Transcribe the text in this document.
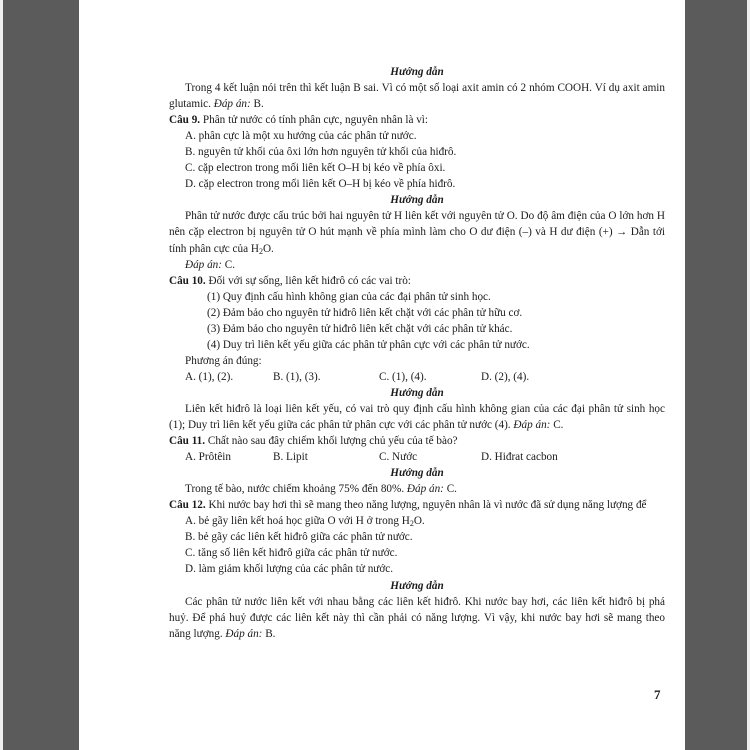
Hướng dẫn

Trong 4 kết luận nói trên thì kết luận B sai. Vì có một số loại axit amin có 2 nhóm COOH. Ví dụ axit amin glutamic. Đáp án: B.

Câu 9. Phân tử nước có tính phân cực, nguyên nhân là vì:

A. phân cực là một xu hướng của các phân tử nước.

B. nguyên tử khối của ôxi lớn hơn nguyên tử khối của hiđrô.

C. cặp electron trong mối liên kết O–H bị kéo về phía ôxi.

D. cặp electron trong mối liên kết O–H bị kéo về phía hiđrô.

Hướng dẫn

Phân tử nước được cấu trúc bởi hai nguyên tử H liên kết với nguyên tử O. Do độ âm điện của O lớn hơn H nên cặp electron bị nguyên tử O hút mạnh về phía mình làm cho O dư điện (–) và H dư điện (+) → Dẫn tới tính phân cực của $H_2O$.

Đáp án: C.

Câu 10. Đối với sự sống, liên kết hiđrô có các vai trò:

(1) Quy định cấu hình không gian của các đại phân tử sinh học.

(2) Đảm bảo cho nguyên tử hiđrô liên kết chặt với các phân tử hữu cơ.

(3) Đảm bảo cho nguyên tử hiđrô liên kết chặt với các phân tử khác.

(4) Duy trì liên kết yếu giữa các phân tử phân cực với các phân tử nước.

Phương án đúng:

A. (1), (2).	B. (1), (3).	C. (1), (4).	D. (2), (4).

Hướng dẫn

Liên kết hiđrô là loại liên kết yếu, có vai trò quy định cấu hình không gian của các đại phân tử sinh học (1); Duy trì liên kết yếu giữa các phân tử phân cực với các phân tử nước (4). Đáp án: C.

Câu 11. Chất nào sau đây chiếm khối lượng chủ yếu của tế bào?

A. Prôtêin	B. Lipit	C. Nước	D. Hiđrat cacbon

Hướng dẫn

Trong tế bào, nước chiếm khoảng 75% đến 80%. Đáp án: C.

Câu 12. Khi nước bay hơi thì sẽ mang theo năng lượng, nguyên nhân là vì nước đã sử dụng năng lượng để

A. bẻ gãy liên kết hoá học giữa O với H ở trong $H_2O$.

B. bẻ gãy các liên kết hiđrô giữa các phân tử nước.

C. tăng số liên kết hiđrô giữa các phân tử nước.

D. làm giảm khối lượng của các phân tử nước.

Hướng dẫn

Các phân tử nước liên kết với nhau bằng các liên kết hiđrô. Khi nước bay hơi, các liên kết hiđrô bị phá huỷ. Để phá huỷ được các liên kết này thì cần phải có năng lượng. Vì vậy, khi nước bay hơi sẽ mang theo năng lượng. Đáp án: B.

7
